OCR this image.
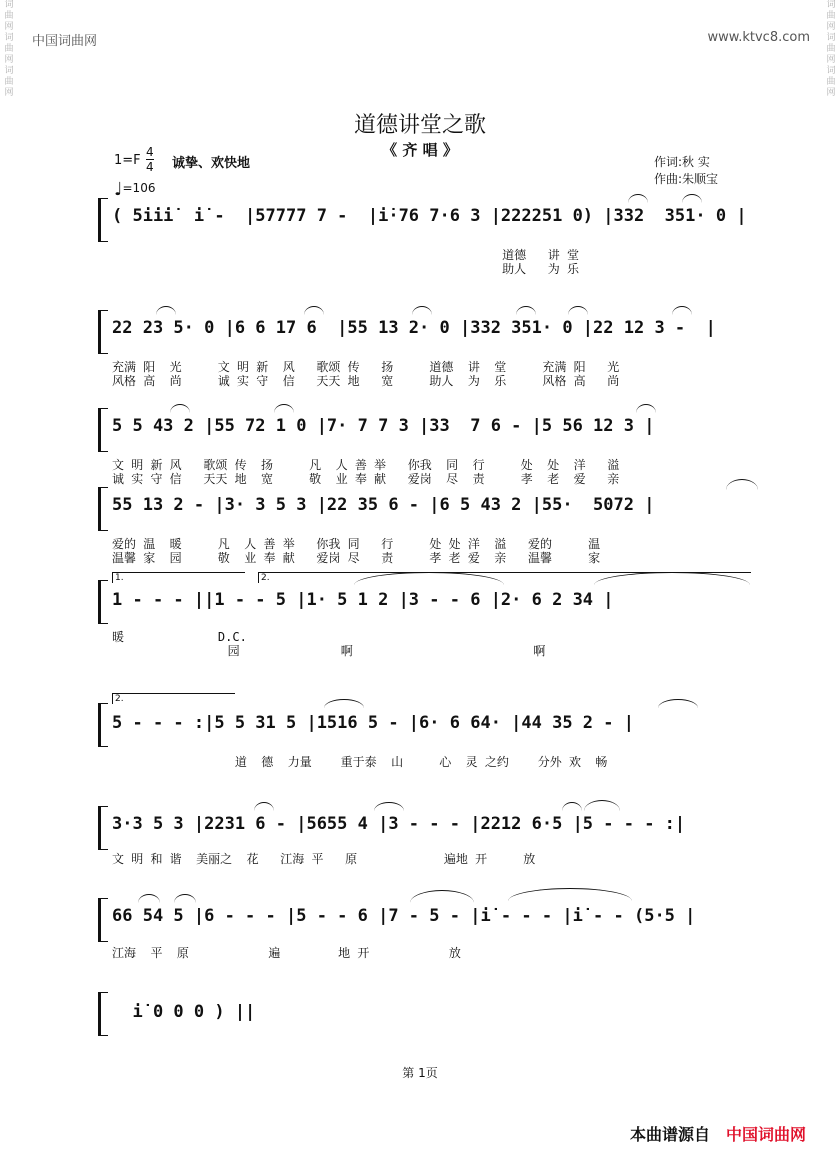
词曲网
词曲网
词曲网
词曲网
词曲网
词曲网
中国词曲网	www.ktvc8.com
道德讲堂之歌
《 齐 唱 》
1=F
4
4 诚挚、欢快地
♩=106
作词:秋 实
作曲:朱顺宝
( 5i̇i̇i̇  i̇ -  |57777 7 -  |i̇·76 7·6 3 |222251 0) |332  351· 0 |
道德   讲 堂
助人   为 乐
22 23 5· 0 |6 6 17 6  |55 13 2· 0 |332 351· 0 |22 12 3 -  |
充满 阳  光     文 明 新  风   歌颂 传   扬     道德  讲  堂     充满 阳   光
风格 高  尚     诚 实 守  信   天天 地   宽     助人  为  乐     风格 高   尚
5 5 43 2 |55 72 1 0 |7· 7 7 3 |33  7 6 - |5 56 12 3 |
文 明 新 风   歌颂 传  扬     凡  人 善 举   你我  同  行     处  处  洋   溢
诚 实 守 信   天天 地  宽     敬  业 奉 献   爱岗  尽  责     孝  老  爱   亲
55 13 2 - |3· 3 5 3 |22 35 6 - |6 5 43 2 |55·  5072 |
爱的 温  暖     凡  人 善 举   你我 同   行     处 处 洋  溢   爱的     温
温馨 家  园     敬  业 奉 献   爱岗 尽   责     孝 老 爱  亲   温馨     家
1.	2.
1 - - - ||1 - - 5 |1· 5 1 2 |3 - - 6 |2· 6 2 34 |
暖             D.C.
园              啊                         啊
2.
5 - - - :|5 5 31 5 |1516 5 - |6· 6 64· |44 35 2 - |
道  德  力量    重于泰  山     心  灵 之约    分外 欢  畅
3·3 5 3 |2231 6 - |5655 4 |3 - - - |2212 6·5 |5 - - - :|
文 明 和 谐  美丽之  花   江海 平   原            遍地 开     放
66 54 5 |6 - - - |5 - - 6 |7 - 5 - |i̇ - - - |i̇ - - (5·5 |
江海  平  原           遍        地 开           放
i̇ 0 0 0 ) ||
第 1页
本曲谱源自 中国词曲网
